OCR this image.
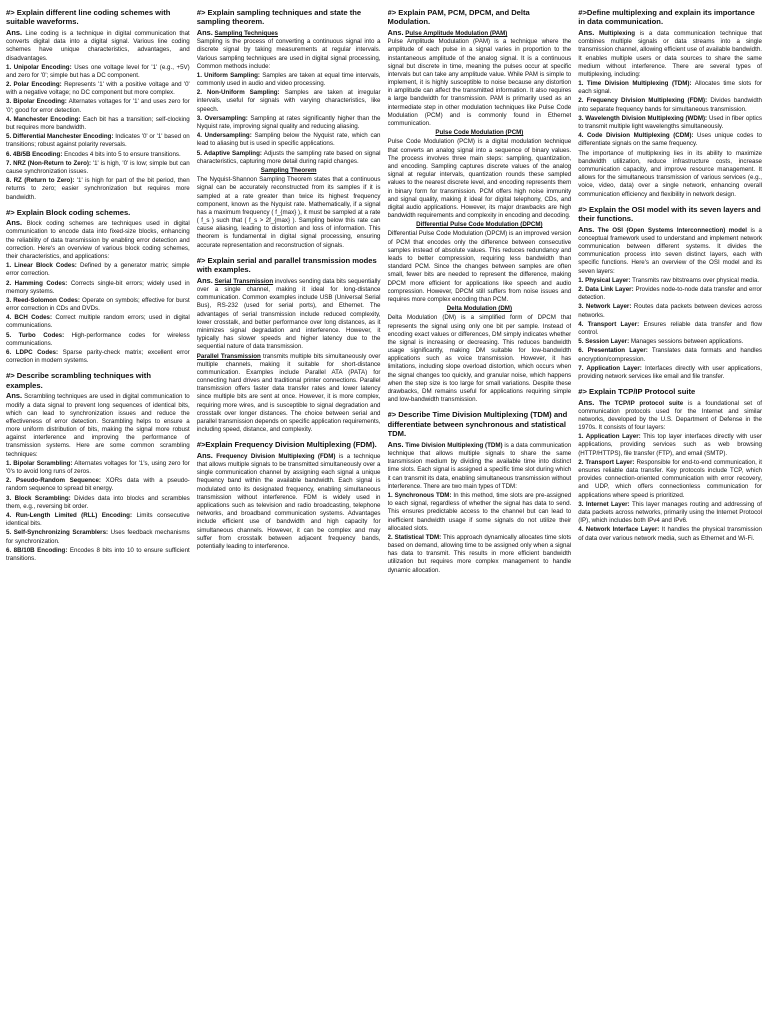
#> Explain different line coding schemes with suitable waveforms.

Ans. Line coding is a technique in digital communication that converts digital data into a digital signal. Various line coding schemes have unique characteristics, advantages, and disadvantages.

1. Unipolar Encoding: Uses one voltage level for '1' (e.g., +5V) and zero for '0'; simple but has a DC component.

2. Polar Encoding: Represents '1' with a positive voltage and '0' with a negative voltage; no DC component but more complex.

3. Bipolar Encoding: Alternates voltages for '1' and uses zero for '0'; good for error detection.

4. Manchester Encoding: Each bit has a transition; self-clocking but requires more bandwidth.

5. Differential Manchester Encoding: Indicates '0' or '1' based on transitions; robust against polarity reversals.

6. 4B/5B Encoding: Encodes 4 bits into 5 to ensure transitions.

7. NRZ (Non-Return to Zero): '1' is high, '0' is low; simple but can cause synchronization issues.

8. RZ (Return to Zero): '1' is high for part of the bit period, then returns to zero; easier synchronization but requires more bandwidth.

#> Explain Block coding schemes.

Ans. Block coding schemes are techniques used in digital communication to encode data into fixed-size blocks, enhancing the reliability of data transmission by enabling error detection and correction. Here's an overview of various block coding schemes, their characteristics, and applications:

1. Linear Block Codes: Defined by a generator matrix; simple error correction.

2. Hamming Codes: Corrects single-bit errors; widely used in memory systems.

3. Reed-Solomon Codes: Operate on symbols; effective for burst error correction in CDs and DVDs.

4. BCH Codes: Correct multiple random errors; used in digital communications.

5. Turbo Codes: High-performance codes for wireless communications.

6. LDPC Codes: Sparse parity-check matrix; excellent error correction in modern systems.

#> Describe scrambling techniques with examples.

Ans. Scrambling techniques are used in digital communication to modify a data signal to prevent long sequences of identical bits, which can lead to synchronization issues and reduce the effectiveness of error detection. Scrambling helps to ensure a more uniform distribution of bits, making the signal more robust against interference and improving the performance of transmission systems. Here are some common scrambling techniques:

1. Bipolar Scrambling: Alternates voltages for '1's, using zero for '0's to avoid long runs of zeros.

2. Pseudo-Random Sequence: XORs data with a pseudo-random sequence to spread bit energy.

3. Block Scrambling: Divides data into blocks and scrambles them, e.g., reversing bit order.

4. Run-Length Limited (RLL) Encoding: Limits consecutive identical bits.

5. Self-Synchronizing Scramblers: Uses feedback mechanisms for synchronization.

6. 8B/10B Encoding: Encodes 8 bits into 10 to ensure sufficient transitions.

#> Explain sampling techniques and state the sampling theorem.

Ans. Sampling Techniques
Sampling is the process of converting a continuous signal into a discrete signal by taking measurements at regular intervals. Various sampling techniques are used in digital signal processing, Common methods include:

1. Uniform Sampling: Samples are taken at equal time intervals, commonly used in audio and video processing.

2. Non-Uniform Sampling: Samples are taken at irregular intervals, useful for signals with varying characteristics, like speech.

3. Oversampling: Sampling at rates significantly higher than the Nyquist rate, improving signal quality and reducing aliasing.

4. Undersampling: Sampling below the Nyquist rate, which can lead to aliasing but is used in specific applications.

5. Adaptive Sampling: Adjusts the sampling rate based on signal characteristics, capturing more detail during rapid changes.

Sampling Theorem

The Nyquist-Shannon Sampling Theorem states that a continuous signal can be accurately reconstructed from its samples if it is sampled at a rate greater than twice its highest frequency component, known as the Nyquist rate. Mathematically, if a signal has a maximum frequency ( f_{max} ), it must be sampled at a rate ( f_s ) such that ( f_s > 2f_{max} ). Sampling below this rate can cause aliasing, leading to distortion and loss of information. This theorem is fundamental in digital signal processing, ensuring accurate representation and reconstruction of signals.

#> Explain serial and parallel transmission modes with examples.

Ans. Serial Transmission involves sending data bits sequentially over a single channel, making it ideal for long-distance communication. Common examples include USB (Universal Serial Bus), RS-232 (used for serial ports), and Ethernet. The advantages of serial transmission include reduced complexity, lower crosstalk, and better performance over long distances, as it minimizes signal degradation and interference. However, it typically has slower speeds and higher latency due to the sequential nature of data transmission.

Parallel Transmission transmits multiple bits simultaneously over multiple channels, making it suitable for short-distance communication. Examples include Parallel ATA (PATA) for connecting hard drives and traditional printer connections. Parallel transmission offers faster data transfer rates and lower latency since multiple bits are sent at once. However, it is more complex, requiring more wires, and is susceptible to signal degradation and crosstalk over longer distances. The choice between serial and parallel transmission depends on specific application requirements, including speed, distance, and complexity.

#>Explain Frequency Division Multiplexing (FDM).

Ans. Frequency Division Multiplexing (FDM) is a technique that allows multiple signals to be transmitted simultaneously over a single communication channel by assigning each signal a unique frequency band within the available bandwidth. Each signal is modulated onto its designated frequency, enabling simultaneous transmission without interference. FDM is widely used in applications such as television and radio broadcasting, telephone networks, and broadband communication systems. Advantages include efficient use of bandwidth and high capacity for simultaneous channels. However, it can be complex and may suffer from crosstalk between adjacent frequency bands, potentially leading to interference.

#> Explain PAM, PCM, DPCM, and Delta Modulation.

Ans. Pulse Amplitude Modulation (PAM)
Pulse Amplitude Modulation (PAM) is a technique where the amplitude of each pulse in a signal varies in proportion to the instantaneous amplitude of the analog signal. It is a continuous signal but discrete in time, meaning the pulses occur at specific intervals but can take any amplitude value. While PAM is simple to implement, it is highly susceptible to noise because any distortion in amplitude can affect the transmitted information. It also requires a large bandwidth for transmission. PAM is primarily used as an intermediate step in other modulation techniques like Pulse Code Modulation (PCM) and is commonly found in Ethernet communication.

Pulse Code Modulation (PCM)

Pulse Code Modulation (PCM) is a digital modulation technique that converts an analog signal into a sequence of binary values. The process involves three main steps: sampling, quantization, and encoding. Sampling captures discrete values of the analog signal at regular intervals, quantization rounds these sampled values to the nearest discrete level, and encoding represents them in binary form for transmission. PCM offers high noise immunity and signal quality, making it ideal for digital telephony, CDs, and digital audio applications. However, its major drawbacks are high bandwidth requirements and complexity in encoding and decoding.

Differential Pulse Code Modulation (DPCM)

Differential Pulse Code Modulation (DPCM) is an improved version of PCM that encodes only the difference between consecutive samples instead of absolute values. This reduces redundancy and leads to better compression, requiring less bandwidth than standard PCM. Since the changes between samples are often small, fewer bits are needed to represent the difference, making DPCM more efficient for applications like speech and audio compression. However, DPCM still suffers from noise issues and requires more complex encoding than PCM.

Delta Modulation (DM)

Delta Modulation (DM) is a simplified form of DPCM that represents the signal using only one bit per sample. Instead of encoding exact values or differences, DM simply indicates whether the signal is increasing or decreasing. This reduces bandwidth usage significantly, making DM suitable for low-bandwidth applications such as voice transmission. However, it has limitations, including slope overload distortion, which occurs when the signal changes too quickly, and granular noise, which happens when the step size is too large for small variations. Despite these drawbacks, DM remains useful for applications requiring simple and low-bandwidth transmission.

#> Describe Time Division Multiplexing (TDM) and differentiate between synchronous and statistical TDM.

Ans. Time Division Multiplexing (TDM) is a data communication technique that allows multiple signals to share the same transmission medium by dividing the available time into distinct time slots. Each signal is assigned a specific time slot during which it can transmit its data, enabling simultaneous transmission without interference. There are two main types of TDM:

1. Synchronous TDM: In this method, time slots are pre-assigned to each signal, regardless of whether the signal has data to send. This ensures predictable access to the channel but can lead to inefficient bandwidth usage if some signals do not utilize their allocated slots.

2. Statistical TDM: This approach dynamically allocates time slots based on demand, allowing time to be assigned only when a signal has data to transmit. This results in more efficient bandwidth utilization but requires more complex management to handle dynamic allocation.

#>Define multiplexing and explain its importance in data communication.

Ans. Multiplexing is a data communication technique that combines multiple signals or data streams into a single transmission channel, allowing efficient use of available bandwidth. It enables multiple users or data sources to share the same medium without interference. There are several types of multiplexing, including:

1. Time Division Multiplexing (TDM): Allocates time slots for each signal.

2. Frequency Division Multiplexing (FDM): Divides bandwidth into separate frequency bands for simultaneous transmission.

3. Wavelength Division Multiplexing (WDM): Used in fiber optics to transmit multiple light wavelengths simultaneously.

4. Code Division Multiplexing (CDM): Uses unique codes to differentiate signals on the same frequency.

The importance of multiplexing lies in its ability to maximize bandwidth utilization, reduce infrastructure costs, increase communication capacity, and improve resource management. It allows for the simultaneous transmission of various services (e.g., voice, video, data) over a single network, enhancing overall communication efficiency and flexibility in network design.

#> Explain the OSI model with its seven layers and their functions.

Ans. The OSI (Open Systems Interconnection) model is a conceptual framework used to understand and implement network communication between different systems. It divides the communication process into seven distinct layers, each with specific functions. Here's an overview of the OSI model and its seven layers:

1. Physical Layer: Transmits raw bitstreams over physical media.

2. Data Link Layer: Provides node-to-node data transfer and error detection.

3. Network Layer: Routes data packets between devices across networks.

4. Transport Layer: Ensures reliable data transfer and flow control.

5. Session Layer: Manages sessions between applications.

6. Presentation Layer: Translates data formats and handles encryption/compression.

7. Application Layer: Interfaces directly with user applications, providing network services like email and file transfer.

#> Explain TCP/IP Protocol suite

Ans. The TCP/IP protocol suite is a foundational set of communication protocols used for the Internet and similar networks, developed by the U.S. Department of Defense in the 1970s. It consists of four layers:

1. Application Layer: This top layer interfaces directly with user applications, providing services such as web browsing (HTTP/HTTPS), file transfer (FTP), and email (SMTP).

2. Transport Layer: Responsible for end-to-end communication, it ensures reliable data transfer. Key protocols include TCP, which provides connection-oriented communication with error recovery, and UDP, which offers connectionless communication for applications where speed is prioritized.

3. Internet Layer: This layer manages routing and addressing of data packets across networks, primarily using the Internet Protocol (IP), which includes both IPv4 and IPv6.

4. Network Interface Layer: It handles the physical transmission of data over various network media, such as Ethernet and Wi-Fi.
